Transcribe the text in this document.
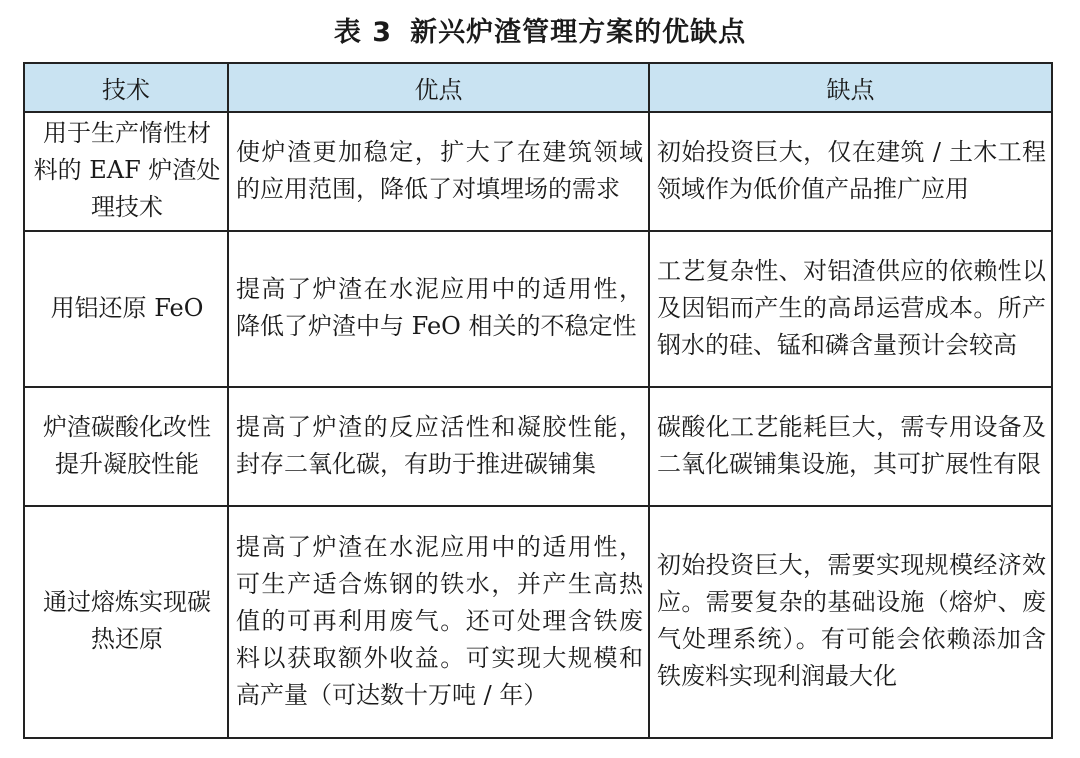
表 3 新兴炉渣管理方案的优缺点
技术	优点	缺点
用于生产惰性材料的 EAF 炉渣处理技术	使炉渣更加稳定，扩大了在建筑领域的应用范围，降低了对填埋场的需求	初始投资巨大，仅在建筑 / 土木工程领域作为低价值产品推广应用
用铝还原 FeO	提高了炉渣在水泥应用中的适用性，降低了炉渣中与 FeO 相关的不稳定性	工艺复杂性、对铝渣供应的依赖性以及因铝而产生的高昂运营成本。所产钢水的硅、锰和磷含量预计会较高
炉渣碳酸化改性提升凝胶性能	提高了炉渣的反应活性和凝胶性能，封存二氧化碳，有助于推进碳铺集	碳酸化工艺能耗巨大，需专用设备及二氧化碳铺集设施，其可扩展性有限
通过熔炼实现碳热还原	提高了炉渣在水泥应用中的适用性，可生产适合炼钢的铁水，并产生高热值的可再利用废气。还可处理含铁废料以获取额外收益。可实现大规模和高产量（可达数十万吨 / 年）	初始投资巨大，需要实现规模经济效应。需要复杂的基础设施（熔炉、废气处理系统）。有可能会依赖添加含铁废料实现利润最大化
